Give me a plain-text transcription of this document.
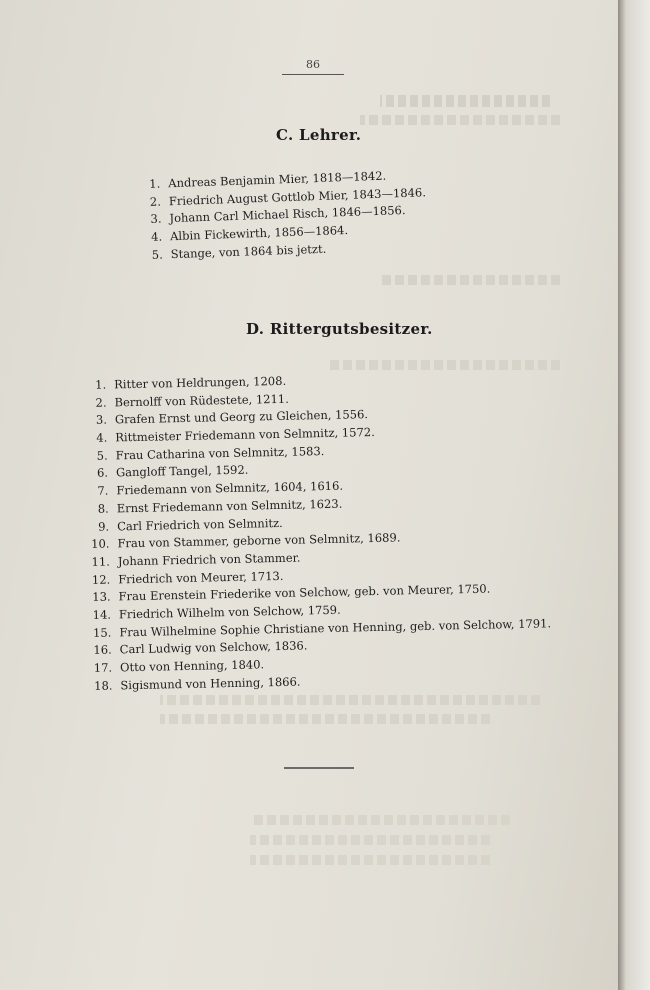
86
C. Lehrer.
1. Andreas Benjamin Mier, 1818—1842.
2. Friedrich August Gottlob Mier, 1843—1846.
3. Johann Carl Michael Risch, 1846—1856.
4. Albin Fickewirth, 1856—1864.
5. Stange, von 1864 bis jetzt.
D. Rittergutsbesitzer.
1. Ritter von Heldrungen, 1208.
2. Bernolff von Rüdestete, 1211.
3. Grafen Ernst und Georg zu Gleichen, 1556.
4. Rittmeister Friedemann von Selmnitz, 1572.
5. Frau Catharina von Selmnitz, 1583.
6. Gangloff Tangel, 1592.
7. Friedemann von Selmnitz, 1604, 1616.
8. Ernst Friedemann von Selmnitz, 1623.
9. Carl Friedrich von Selmnitz.
10. Frau von Stammer, geborne von Selmnitz, 1689.
11. Johann Friedrich von Stammer.
12. Friedrich von Meurer, 1713.
13. Frau Erenstein Friederike von Selchow, geb. von Meurer, 1750.
14. Friedrich Wilhelm von Selchow, 1759.
15. Frau Wilhelmine Sophie Christiane von Henning, geb. von Selchow, 1791.
16. Carl Ludwig von Selchow, 1836.
17. Otto von Henning, 1840.
18. Sigismund von Henning, 1866.
